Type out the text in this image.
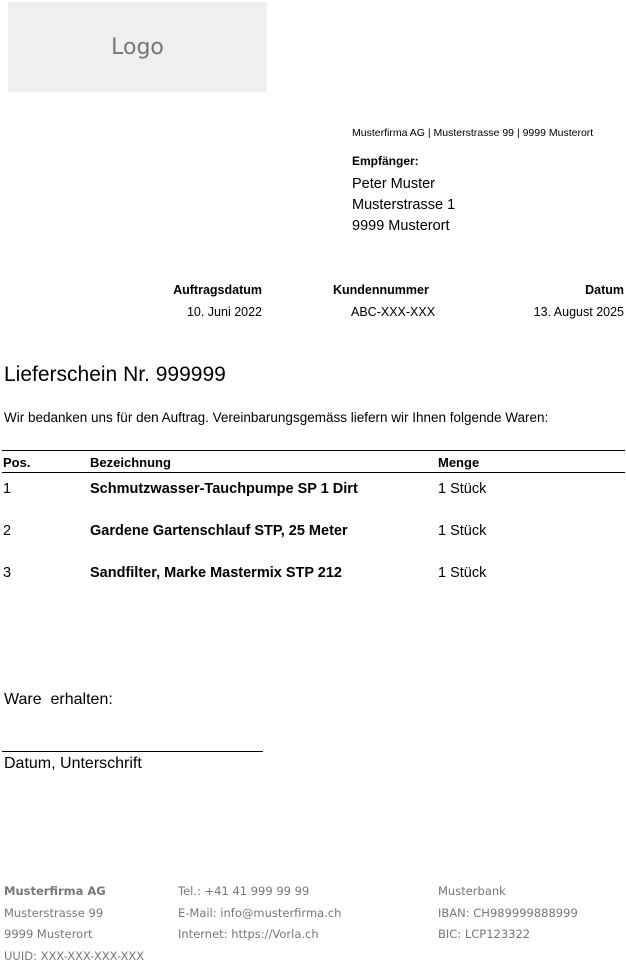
Logo
Musterfirma AG | Musterstrasse 99 | 9999 Musterort
Empfänger:
Peter Muster
Musterstrasse 1
9999 Musterort
Auftragsdatum
10. Juni 2022
Kundennummer
ABC-XXX-XXX
Datum
13. August 2025
Lieferschein Nr. 999999
Wir bedanken uns für den Auftrag. Vereinbarungsgemäss liefern wir Ihnen folgende Waren:
Pos.	Bezeichnung	Menge
1	Schmutzwasser-Tauchpumpe SP 1 Dirt	1 Stück
2	Gardene Gartenschlauf STP, 25 Meter	1 Stück
3	Sandfilter, Marke Mastermix STP 212	1 Stück
Ware  erhalten:
Datum, Unterschrift
Musterfirma AG
Musterstrasse 99
9999 Musterort
UUID: XXX-XXX-XXX-XXX
Tel.: +41 41 999 99 99
E-Mail: info@musterfirma.ch
Internet: https://Vorla.ch
Musterbank
IBAN: CH989999888999
BIC: LCP123322
